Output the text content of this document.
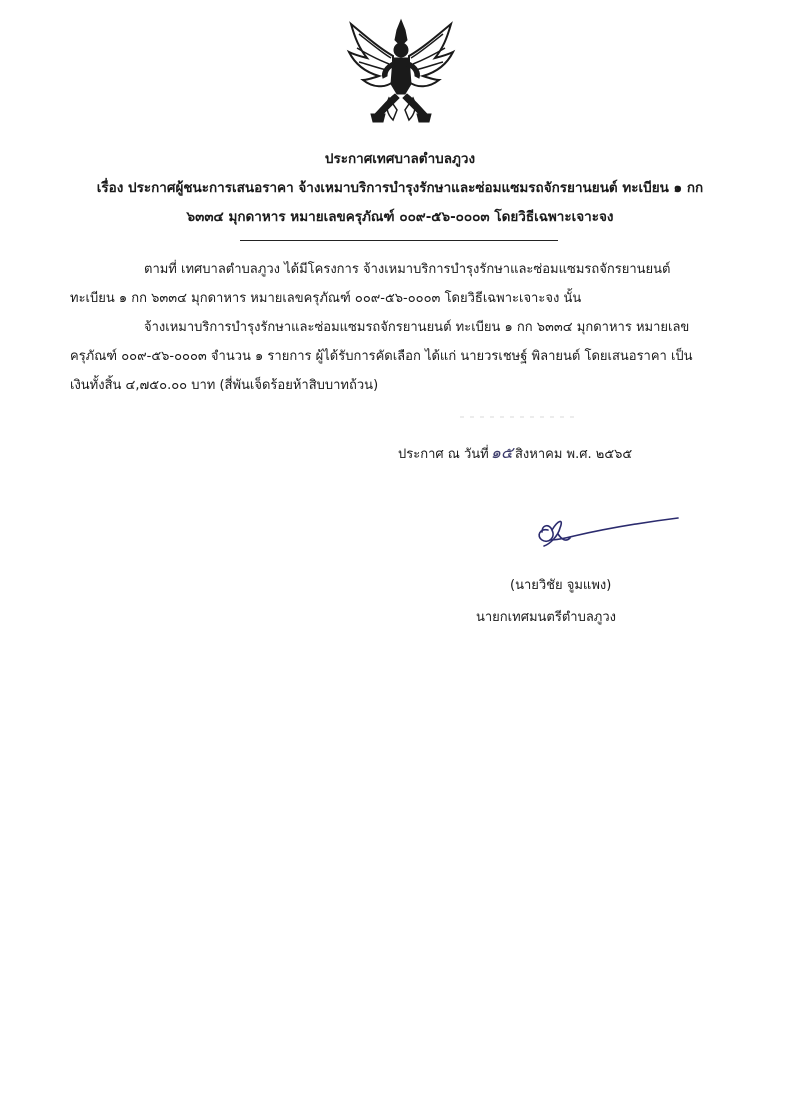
ประกาศเทศบาลตำบลภูวง
เรื่อง ประกาศผู้ชนะการเสนอราคา จ้างเหมาบริการบำรุงรักษาและซ่อมแซมรถจักรยานยนต์ ทะเบียน ๑ กก
๖๓๓๔ มุกดาหาร หมายเลขครุภัณฑ์ ๐๐๙-๕๖-๐๐๐๓ โดยวิธีเฉพาะเจาะจง
ตามที่ เทศบาลตำบลภูวง ได้มีโครงการ จ้างเหมาบริการบำรุงรักษาและซ่อมแซมรถจักรยานยนต์
ทะเบียน ๑ กก ๖๓๓๔ มุกดาหาร หมายเลขครุภัณฑ์ ๐๐๙-๕๖-๐๐๐๓ โดยวิธีเฉพาะเจาะจง นั้น
จ้างเหมาบริการบำรุงรักษาและซ่อมแซมรถจักรยานยนต์ ทะเบียน ๑ กก ๖๓๓๔ มุกดาหาร หมายเลข
ครุภัณฑ์ ๐๐๙-๕๖-๐๐๐๓ จำนวน ๑ รายการ ผู้ได้รับการคัดเลือก ได้แก่ นายวรเชษฐ์ พิลายนต์ โดยเสนอราคา เป็น
เงินทั้งสิ้น ๔,๗๕๐.๐๐ บาท (สี่พันเจ็ดร้อยห้าสิบบาทถ้วน)
ประกาศ ณ วันที่ ๑๕ สิงหาคม พ.ศ. ๒๕๖๕
(นายวิชัย จูมแพง)
นายกเทศมนตรีตำบลภูวง
